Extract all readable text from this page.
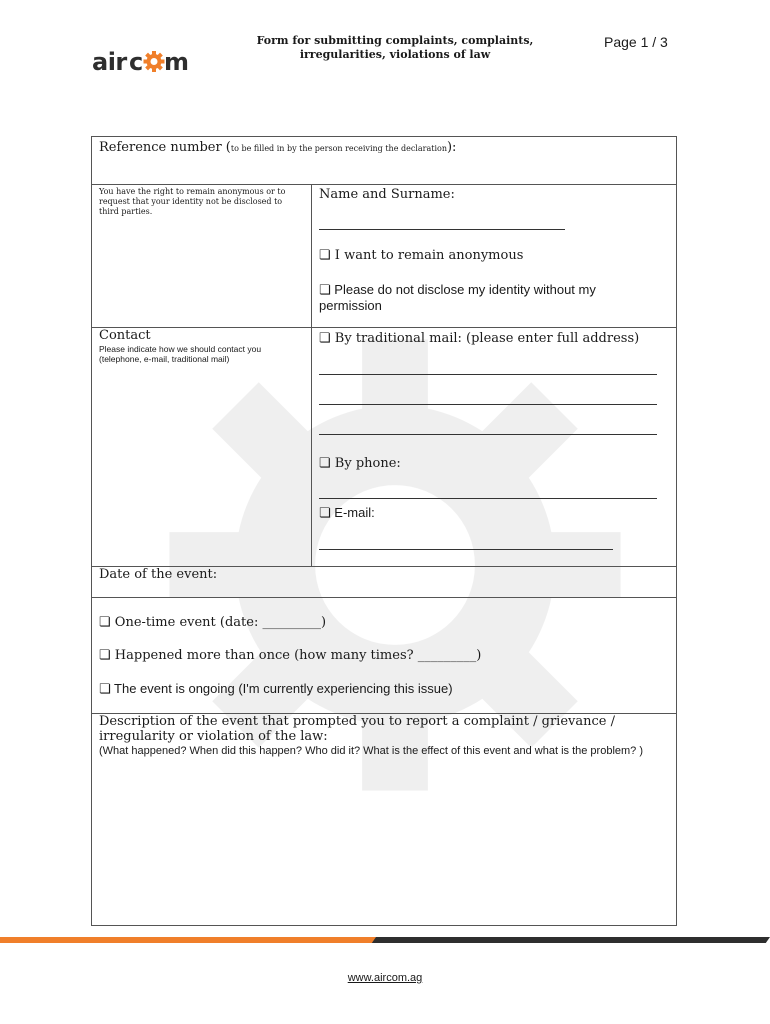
air c m
Form for submitting complaints, complaints,
irregularities, violations of law
Page 1 / 3
Reference number (to be filled in by the person receiving the declaration):
You have the right to remain anonymous or to request that your identity not be disclosed to third parties.
Name and Surname:
❏ I want to remain anonymous
❏ Please do not disclose my identity without my permission
Contact
Please indicate how we should contact you (telephone, e-mail, traditional mail)
❏ By traditional mail: (please enter full address)
❏ By phone:
❏ E-mail:
Date of the event:
❏ One-time event (date: _________)
❏ Happened more than once (how many times? _________)
❏ The event is ongoing (I'm currently experiencing this issue)
Description of the event that prompted you to report a complaint / grievance / irregularity or violation of the law:
(What happened? When did this happen? Who did it? What is the effect of this event and what is the problem? )
www.aircom.ag
